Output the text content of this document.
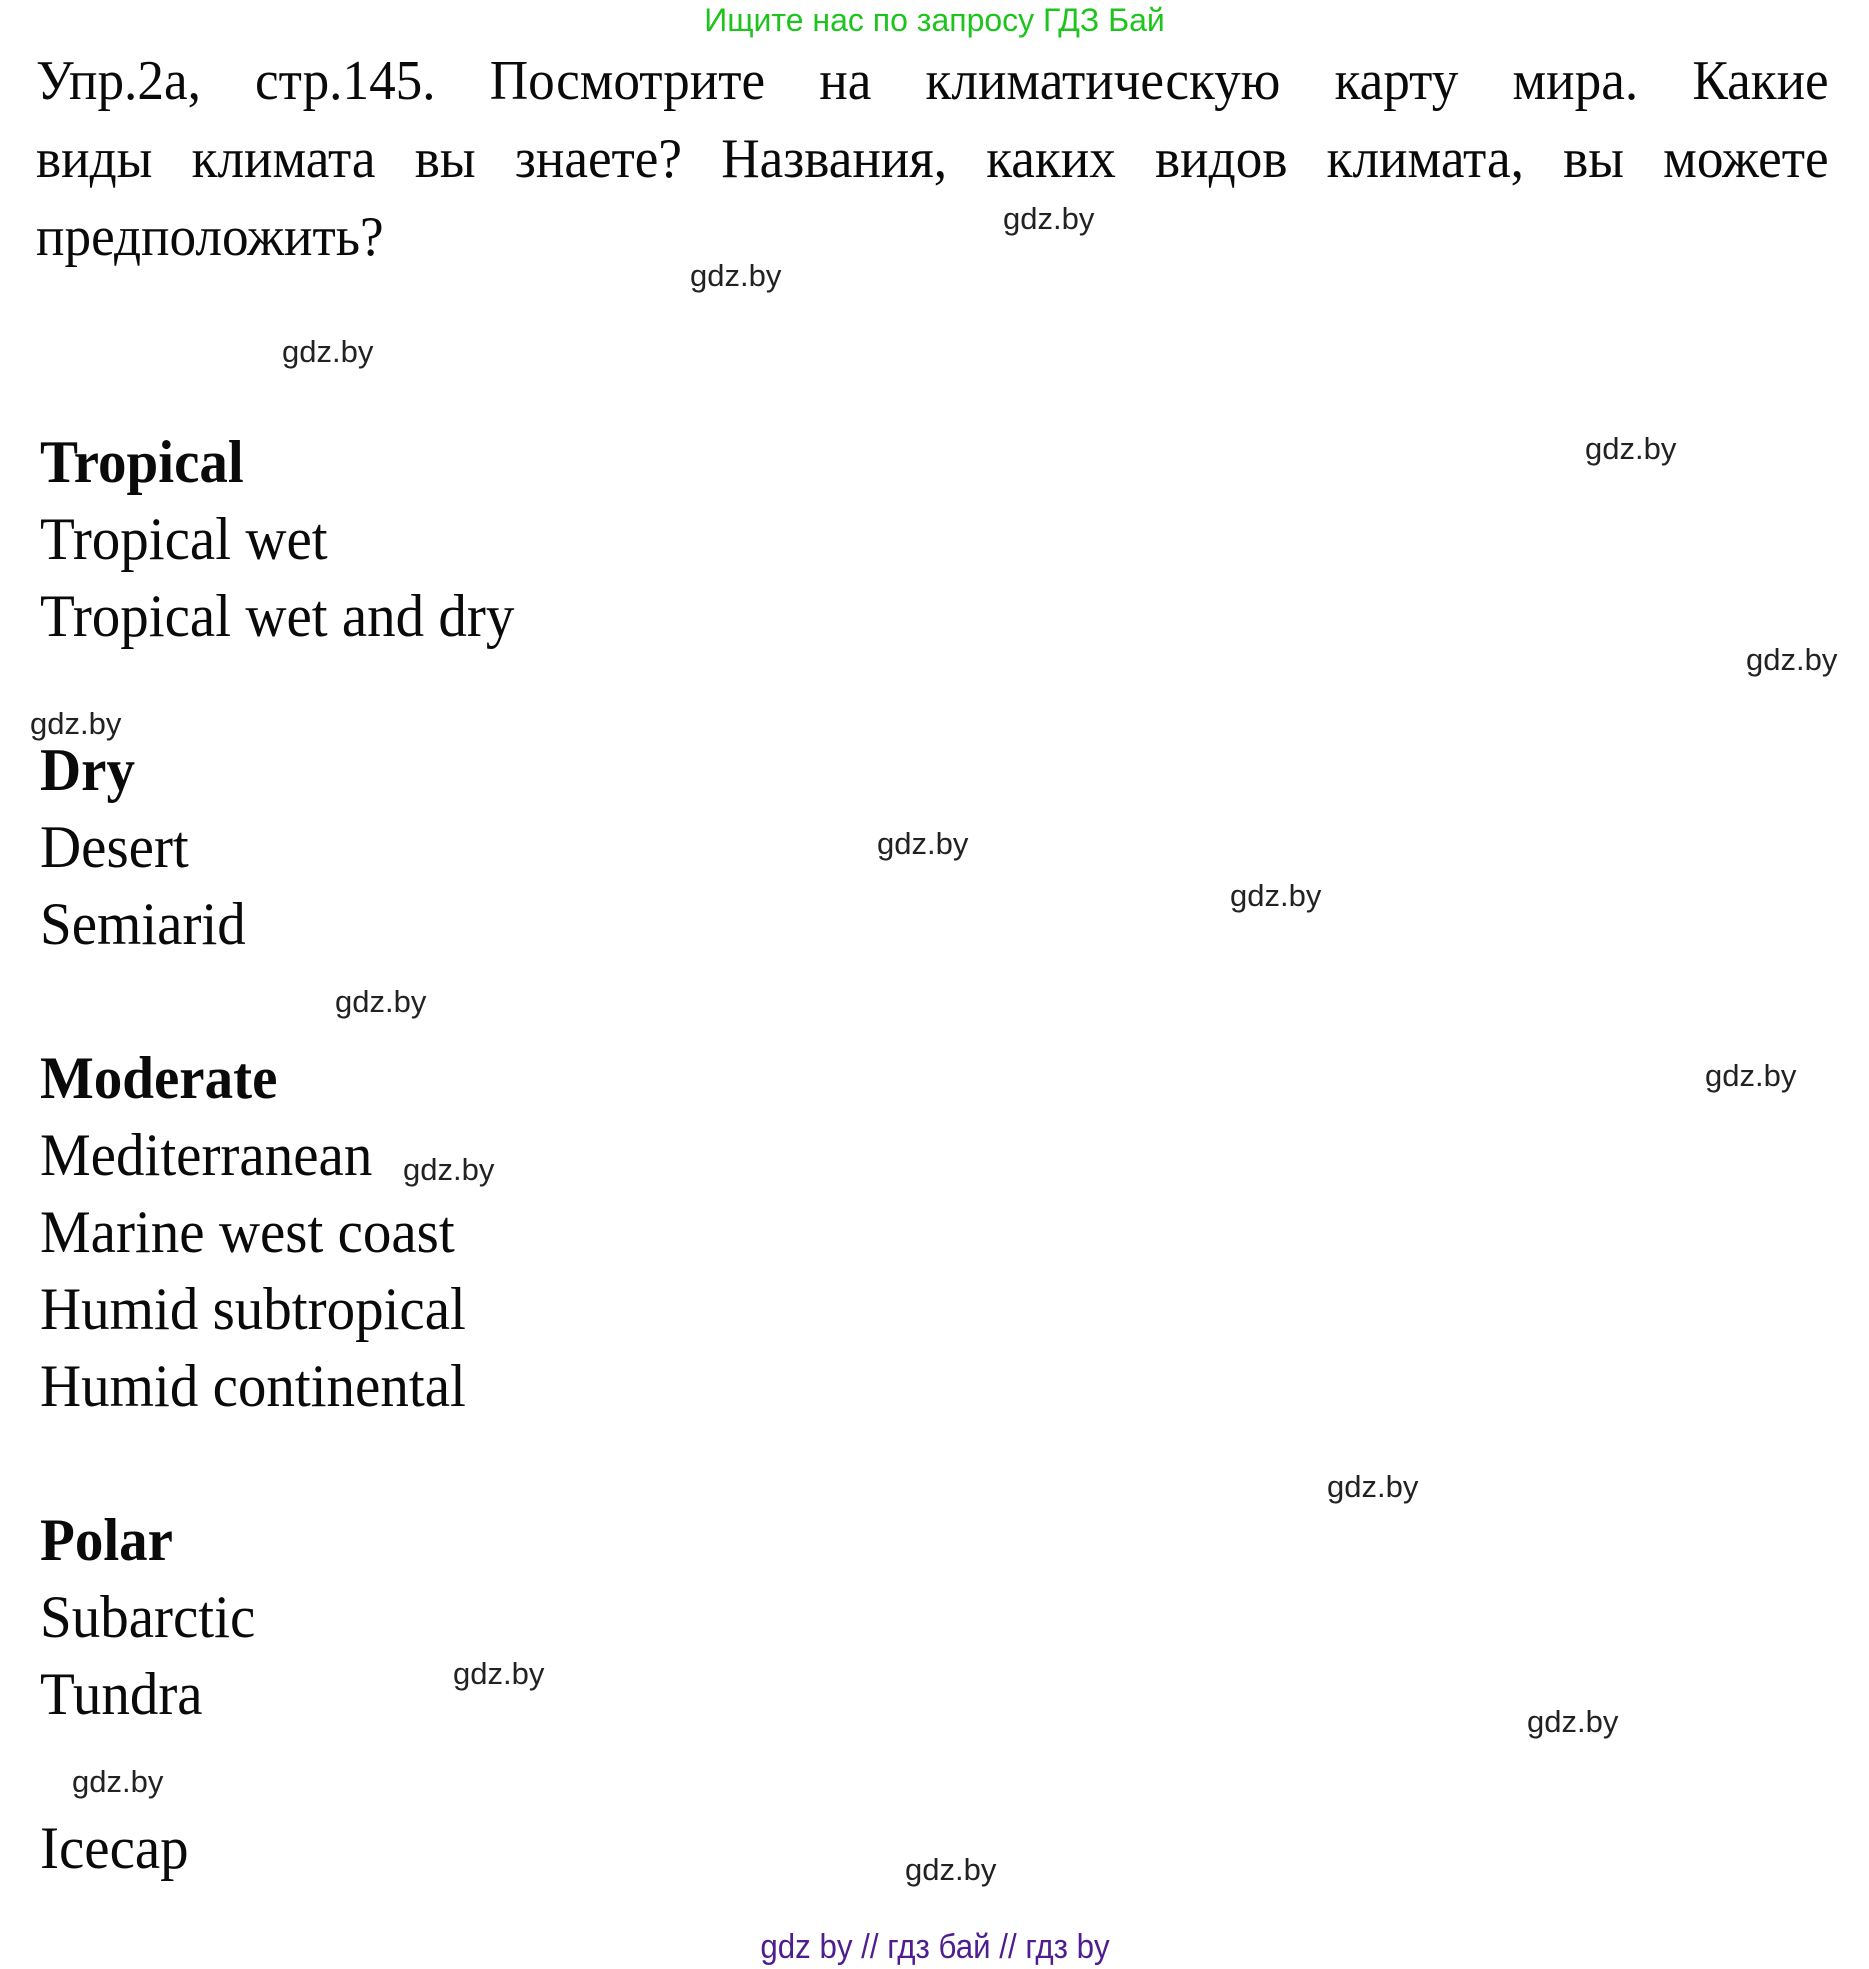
Ищите нас по запросу ГДЗ Бай
Упр.2а, стр.145. Посмотрите на климатическую карту мира. Какие
виды климата вы знаете? Названия, каких видов климата, вы можете
предположить?
Tropical
Tropical wet
Tropical wet and dry
Dry
Desert
Semiarid
Moderate
Mediterranean
Marine west coast
Humid subtropical
Humid continental
Polar
Subarctic
Tundra
Icecap
gdz.by
gdz.by
gdz.by
gdz.by
gdz.by
gdz.by
gdz.by
gdz.by
gdz.by
gdz.by
gdz.by
gdz.by
gdz.by
gdz.by
gdz.by
gdz.by
gdz by // гдз бай // гдз by
